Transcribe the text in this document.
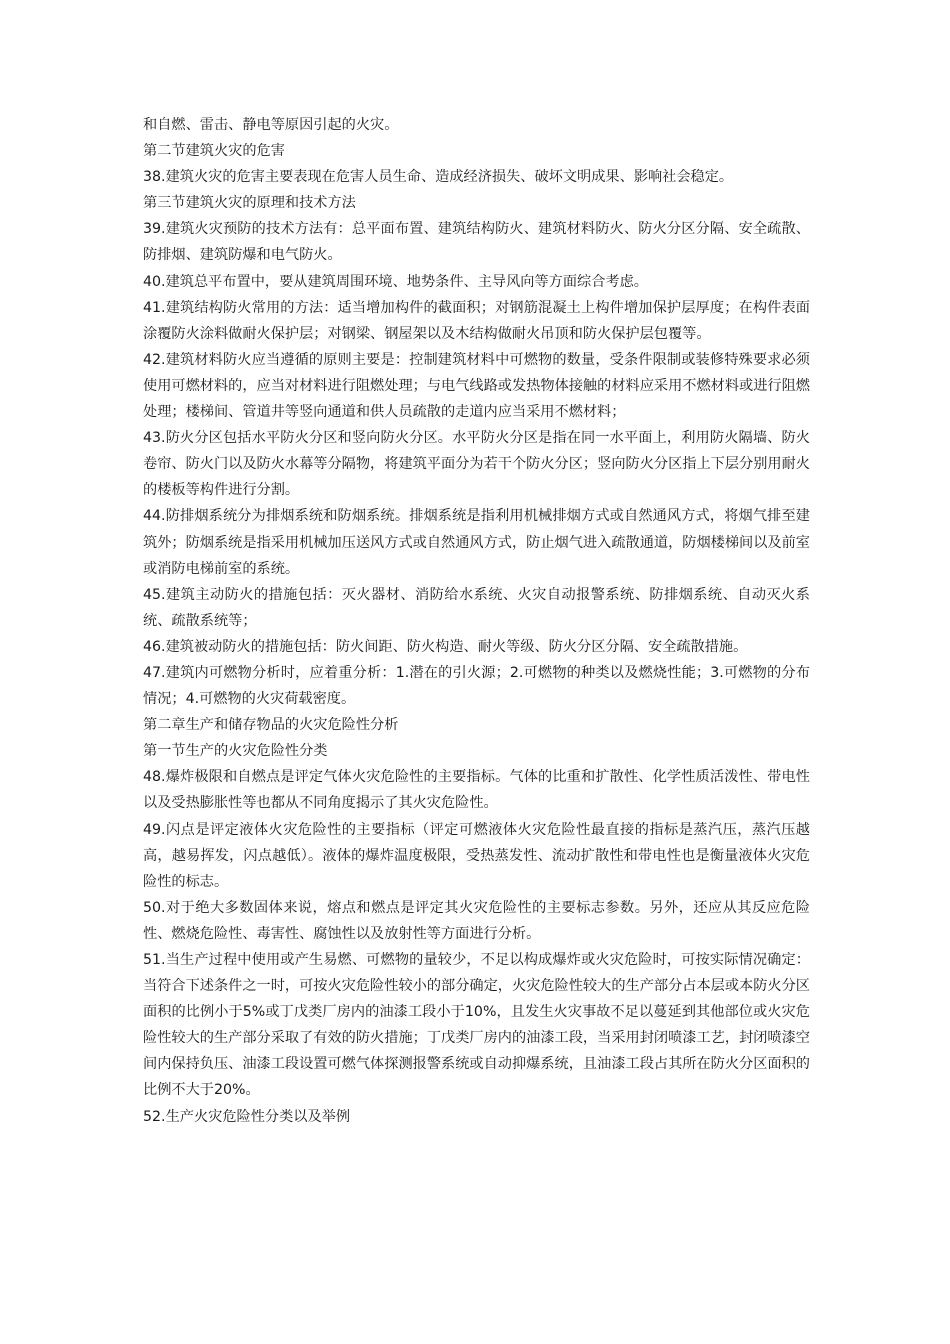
和自燃、雷击、静电等原因引起的火灾。

第二节建筑火灾的危害

38.建筑火灾的危害主要表现在危害人员生命、造成经济损失、破坏文明成果、影响社会稳定。

第三节建筑火灾的原理和技术方法

39.建筑火灾预防的技术方法有：总平面布置、建筑结构防火、建筑材料防火、防火分区分隔、安全疏散、防排烟、建筑防爆和电气防火。

40.建筑总平布置中，要从建筑周围环境、地势条件、主导风向等方面综合考虑。

41.建筑结构防火常用的方法：适当增加构件的截面积；对钢筋混凝土上构件增加保护层厚度；在构件表面涂覆防火涂料做耐火保护层；对钢梁、钢屋架以及木结构做耐火吊顶和防火保护层包覆等。

42.建筑材料防火应当遵循的原则主要是：控制建筑材料中可燃物的数量，受条件限制或装修特殊要求必须使用可燃材料的，应当对材料进行阻燃处理；与电气线路或发热物体接触的材料应采用不燃材料或进行阻燃处理；楼梯间、管道井等竖向通道和供人员疏散的走道内应当采用不燃材料；

43.防火分区包括水平防火分区和竖向防火分区。水平防火分区是指在同一水平面上，利用防火隔墙、防火卷帘、防火门以及防火水幕等分隔物，将建筑平面分为若干个防火分区；竖向防火分区指上下层分别用耐火的楼板等构件进行分割。

44.防排烟系统分为排烟系统和防烟系统。排烟系统是指利用机械排烟方式或自然通风方式，将烟气排至建筑外；防烟系统是指采用机械加压送风方式或自然通风方式，防止烟气进入疏散通道，防烟楼梯间以及前室或消防电梯前室的系统。

45.建筑主动防火的措施包括：灭火器材、消防给水系统、火灾自动报警系统、防排烟系统、自动灭火系统、疏散系统等；

46.建筑被动防火的措施包括：防火间距、防火构造、耐火等级、防火分区分隔、安全疏散措施。

47.建筑内可燃物分析时，应着重分析：1.潜在的引火源；2.可燃物的种类以及燃烧性能；3.可燃物的分布情况；4.可燃物的火灾荷载密度。

第二章生产和储存物品的火灾危险性分析

第一节生产的火灾危险性分类

48.爆炸极限和自燃点是评定气体火灾危险性的主要指标。气体的比重和扩散性、化学性质活泼性、带电性以及受热膨胀性等也都从不同角度揭示了其火灾危险性。

49.闪点是评定液体火灾危险性的主要指标（评定可燃液体火灾危险性最直接的指标是蒸汽压，蒸汽压越高，越易挥发，闪点越低）。液体的爆炸温度极限，受热蒸发性、流动扩散性和带电性也是衡量液体火灾危险性的标志。

50.对于绝大多数固体来说，熔点和燃点是评定其火灾危险性的主要标志参数。另外，还应从其反应危险性、燃烧危险性、毒害性、腐蚀性以及放射性等方面进行分析。

51.当生产过程中使用或产生易燃、可燃物的量较少，不足以构成爆炸或火灾危险时，可按实际情况确定：当符合下述条件之一时，可按火灾危险性较小的部分确定，火灾危险性较大的生产部分占本层或本防火分区面积的比例小于5%或丁戊类厂房内的油漆工段小于10%，且发生火灾事故不足以蔓延到其他部位或火灾危险性较大的生产部分采取了有效的防火措施；丁戊类厂房内的油漆工段，当采用封闭喷漆工艺，封闭喷漆空间内保持负压、油漆工段设置可燃气体探测报警系统或自动抑爆系统，且油漆工段占其所在防火分区面积的比例不大于20%。

52.生产火灾危险性分类以及举例
